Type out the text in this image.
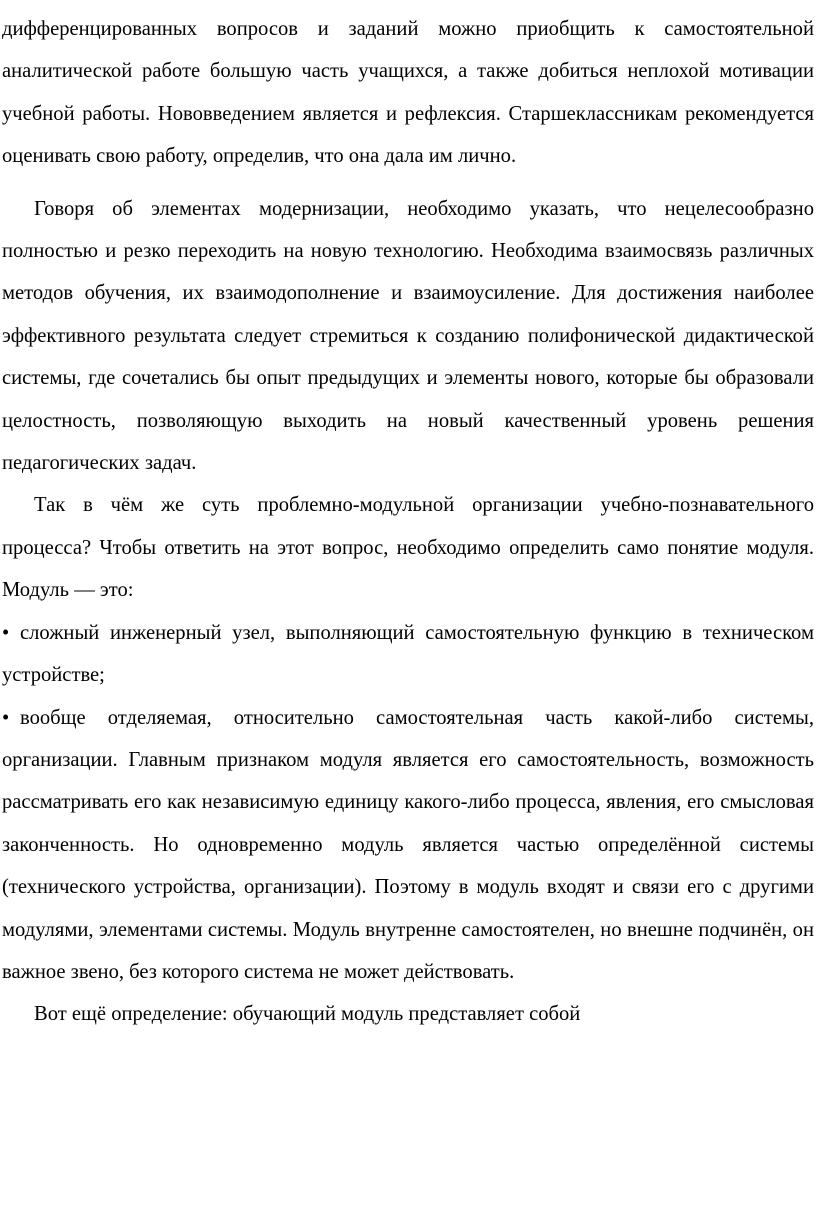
дифференцированных вопросов и заданий можно приобщить к самостоятельной аналитической работе большую часть учащихся, а также добиться неплохой мотивации учебной работы. Нововведением является и рефлексия. Старшеклассникам рекомендуется оценивать свою работу, определив, что она дала им лично.

Говоря об элементах модернизации, необходимо указать, что нецелесообразно полностью и резко переходить на новую технологию. Необходима взаимосвязь различных методов обучения, их взаимодополнение и взаимоусиление. Для достижения наиболее эффективного результата следует стремиться к созданию полифонической дидактической системы, где сочетались бы опыт предыдущих и элементы нового, которые бы образовали целостность, позволяющую выходить на новый качественный уровень решения педагогических задач.

Так в чём же суть проблемно-модульной организации учебно-познавательного процесса? Чтобы ответить на этот вопрос, необходимо определить само понятие модуля. Модуль — это:

• сложный инженерный узел, выполняющий самостоятельную функцию в техническом устройстве;
• вообще отделяемая, относительно самостоятельная часть какой-либо системы, организации. Главным признаком модуля является его самостоятельность, возможность рассматривать его как независимую единицу какого-либо процесса, явления, его смысловая законченность. Но одновременно модуль является частью определённой системы (технического устройства, организации). Поэтому в модуль входят и связи его с другими модулями, элементами системы. Модуль внутренне самостоятелен, но внешне подчинён, он важное звено, без которого система не может действовать.

Вот ещё определение: обучающий модуль представляет собой
